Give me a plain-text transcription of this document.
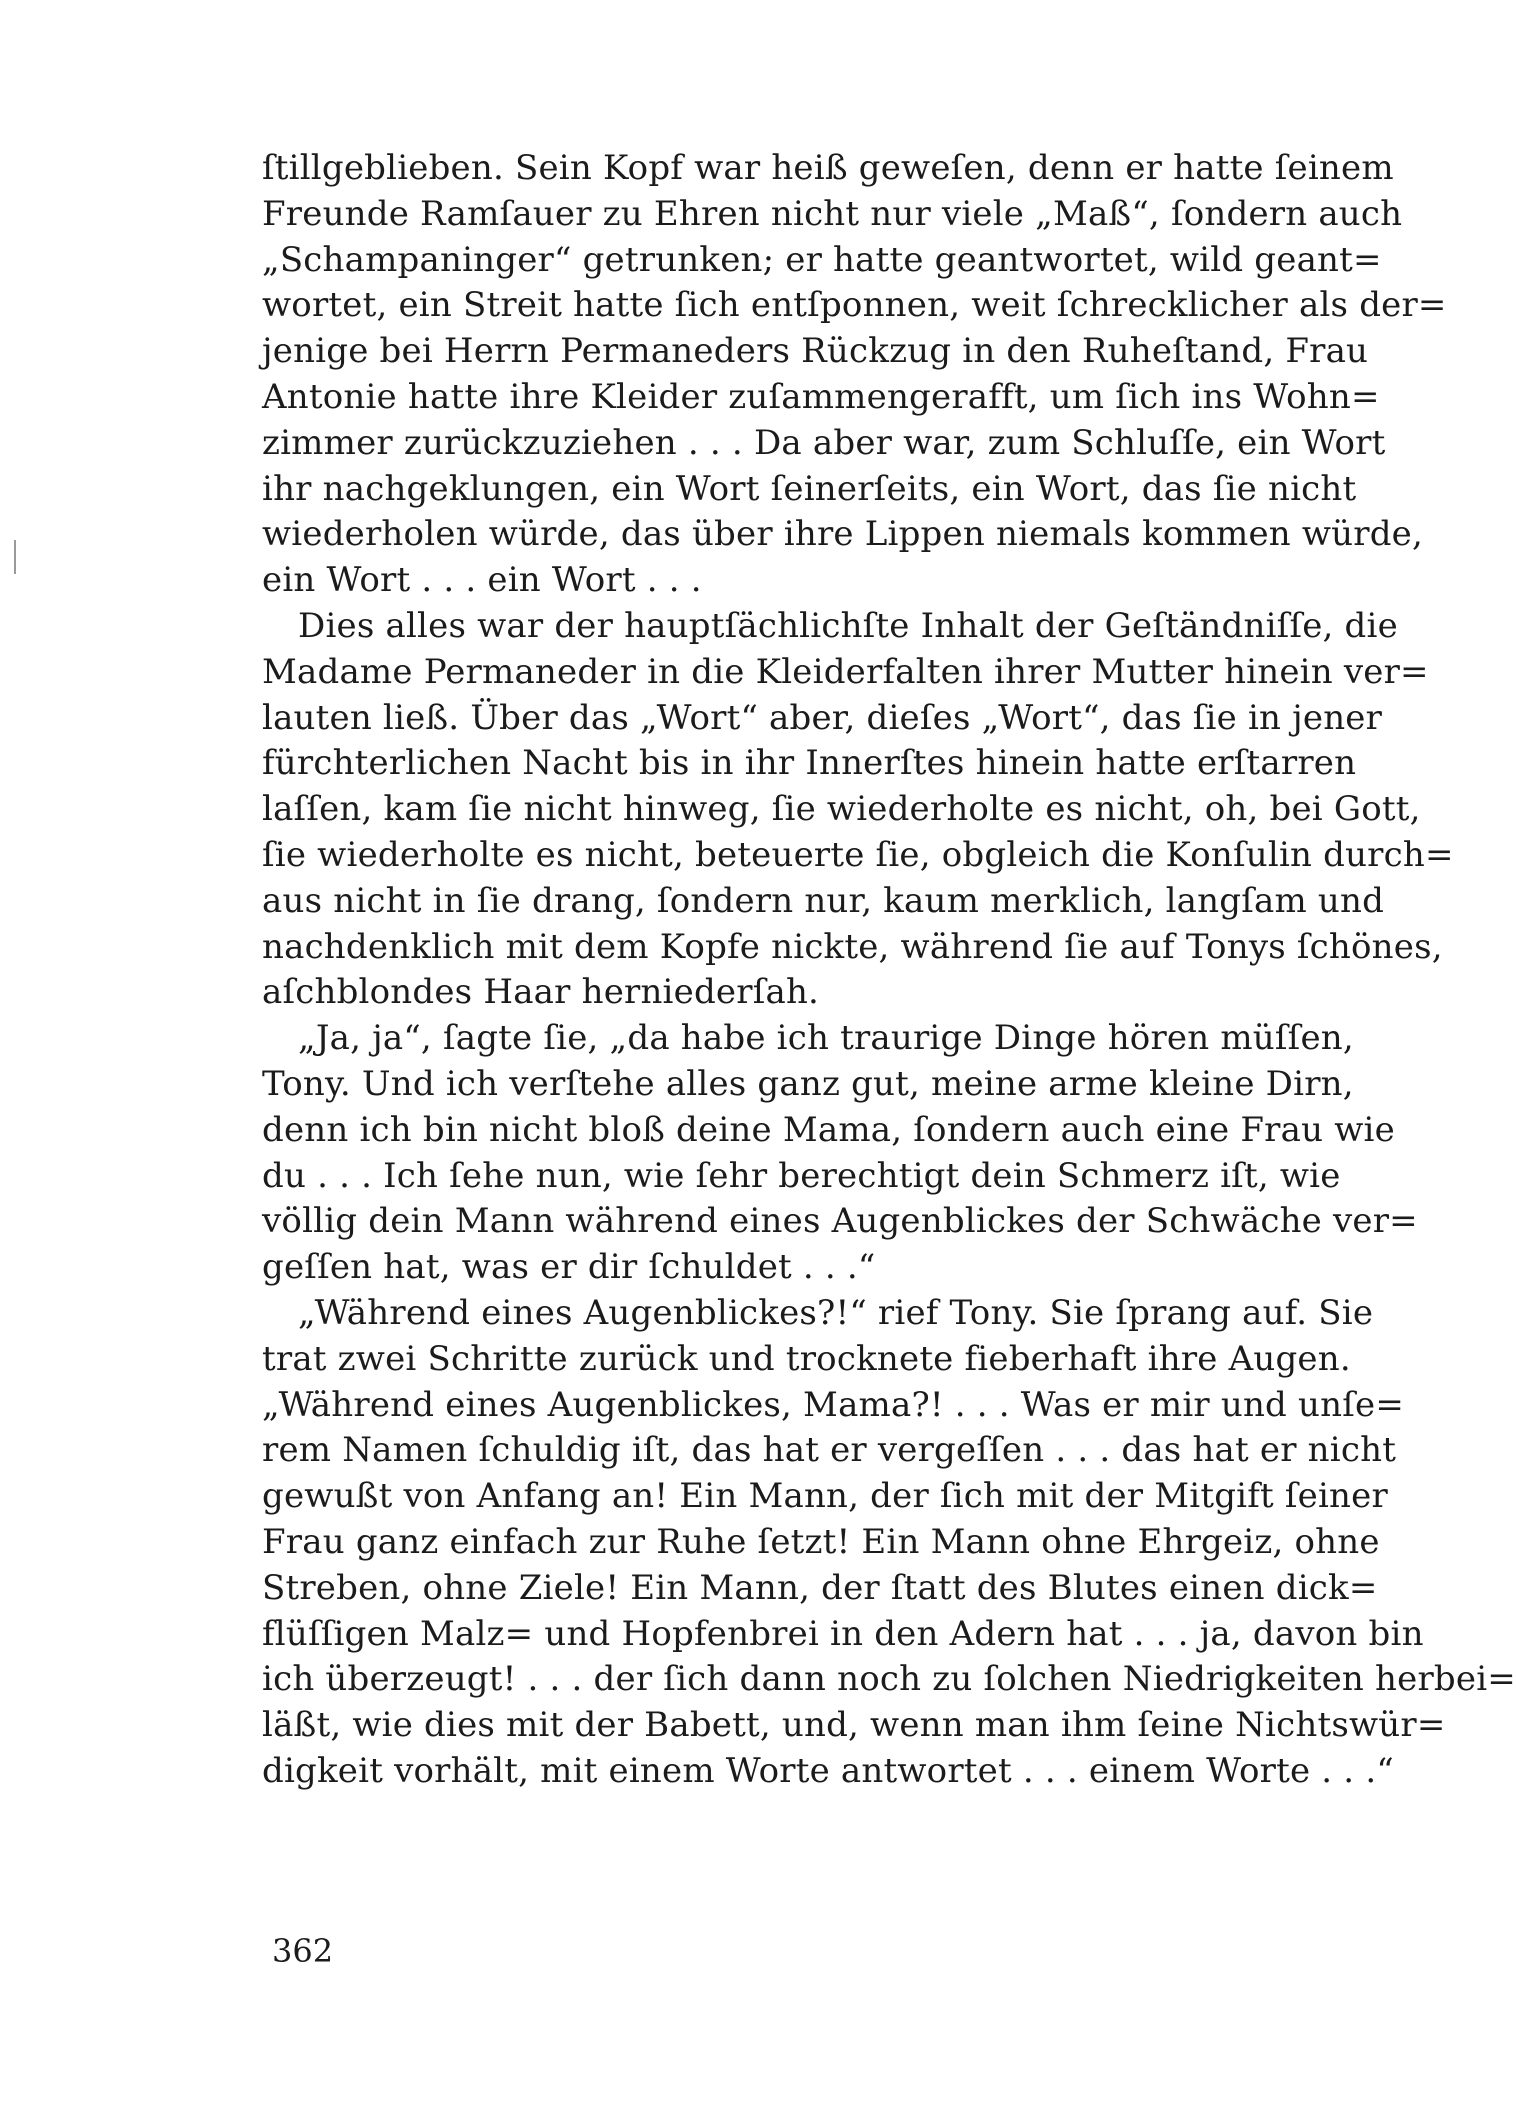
ſtillgeblieben. Sein Kopf war heiß geweſen, denn er hatte ſeinem
Freunde Ramſauer zu Ehren nicht nur viele „Maß“, ſondern auch
„Schampaninger“ getrunken; er hatte geantwortet, wild geant=
wortet, ein Streit hatte ſich entſponnen, weit ſchrecklicher als der=
jenige bei Herrn Permaneders Rückzug in den Ruheſtand, Frau
Antonie hatte ihre Kleider zuſammengerafft, um ſich ins Wohn=
zimmer zurückzuziehen . . . Da aber war, zum Schluſſe, ein Wort
ihr nachgeklungen, ein Wort ſeinerſeits, ein Wort, das ſie nicht
wiederholen würde, das über ihre Lippen niemals kommen würde,
ein Wort . . . ein Wort . . .
Dies alles war der hauptſächlichſte Inhalt der Geſtändniſſe, die
Madame Permaneder in die Kleiderfalten ihrer Mutter hinein ver=
lauten ließ. Über das „Wort“ aber, dieſes „Wort“, das ſie in jener
fürchterlichen Nacht bis in ihr Innerſtes hinein hatte erſtarren
laſſen, kam ſie nicht hinweg, ſie wiederholte es nicht, oh, bei Gott,
ſie wiederholte es nicht, beteuerte ſie, obgleich die Konſulin durch=
aus nicht in ſie drang, ſondern nur, kaum merklich, langſam und
nachdenklich mit dem Kopfe nickte, während ſie auf Tonys ſchönes,
aſchblondes Haar herniederſah.
„Ja, ja“, ſagte ſie, „da habe ich traurige Dinge hören müſſen,
Tony. Und ich verſtehe alles ganz gut, meine arme kleine Dirn,
denn ich bin nicht bloß deine Mama, ſondern auch eine Frau wie
du . . . Ich ſehe nun, wie ſehr berechtigt dein Schmerz iſt, wie
völlig dein Mann während eines Augenblickes der Schwäche ver=
geſſen hat, was er dir ſchuldet . . .“
„Während eines Augenblickes?!“ rief Tony. Sie ſprang auf. Sie
trat zwei Schritte zurück und trocknete fieberhaft ihre Augen.
„Während eines Augenblickes, Mama?! . . . Was er mir und unſe=
rem Namen ſchuldig iſt, das hat er vergeſſen . . . das hat er nicht
gewußt von Anfang an! Ein Mann, der ſich mit der Mitgift ſeiner
Frau ganz einfach zur Ruhe ſetzt! Ein Mann ohne Ehrgeiz, ohne
Streben, ohne Ziele! Ein Mann, der ſtatt des Blutes einen dick=
flüſſigen Malz= und Hopfenbrei in den Adern hat . . . ja, davon bin
ich überzeugt! . . . der ſich dann noch zu ſolchen Niedrigkeiten herbei=
läßt, wie dies mit der Babett, und, wenn man ihm ſeine Nichtswür=
digkeit vorhält, mit einem Worte antwortet . . . einem Worte . . .“
362
